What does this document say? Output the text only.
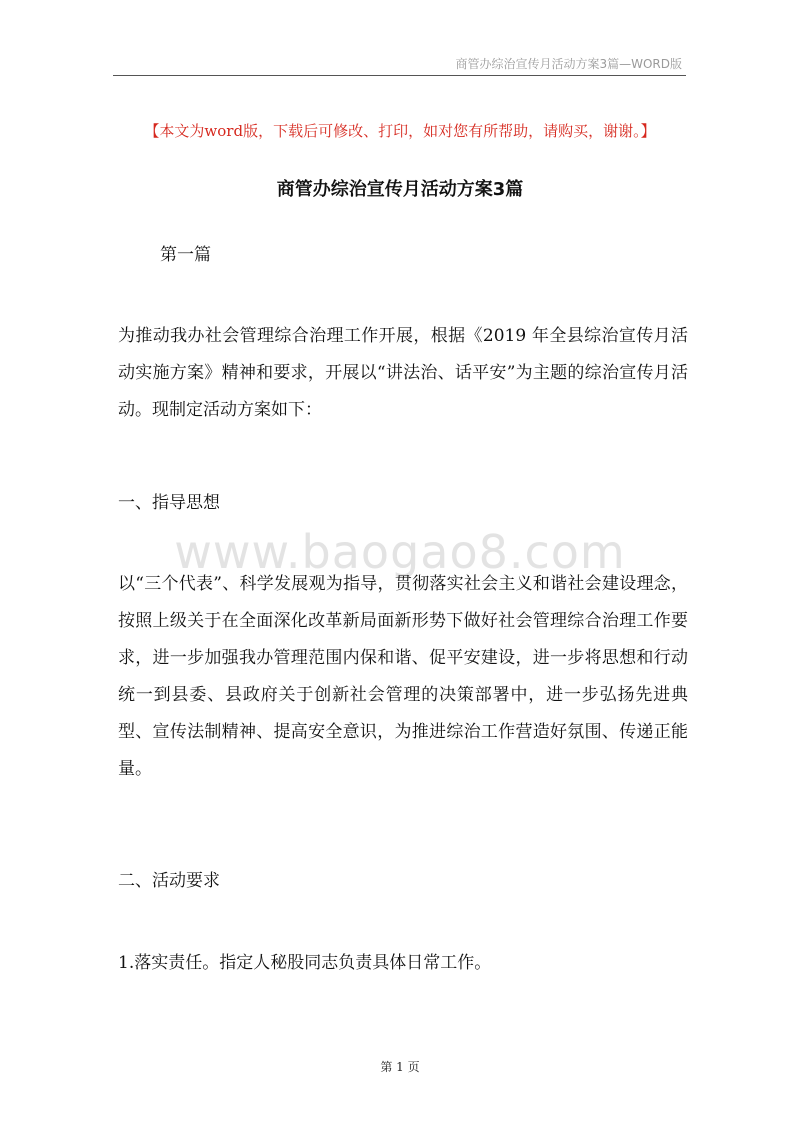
商管办综治宣传月活动方案3篇—WORD版
【本文为word版，下载后可修改、打印，如对您有所帮助，请购买，谢谢。】
商管办综治宣传月活动方案3篇
第一篇
为推动我办社会管理综合治理工作开展，根据《2019 年全县综治宣传月活动实施方案》精神和要求，开展以“讲法治、话平安”为主题的综治宣传月活动。现制定活动方案如下：
一、指导思想
www.baogao8.com
以“三个代表”、科学发展观为指导，贯彻落实社会主义和谐社会建设理念，按照上级关于在全面深化改革新局面新形势下做好社会管理综合治理工作要求，进一步加强我办管理范围内保和谐、促平安建设，进一步将思想和行动统一到县委、县政府关于创新社会管理的决策部署中，进一步弘扬先进典型、宣传法制精神、提高安全意识，为推进综治工作营造好氛围、传递正能量。
二、活动要求
1.落实责任。指定人秘股同志负责具体日常工作。
第 1 页
